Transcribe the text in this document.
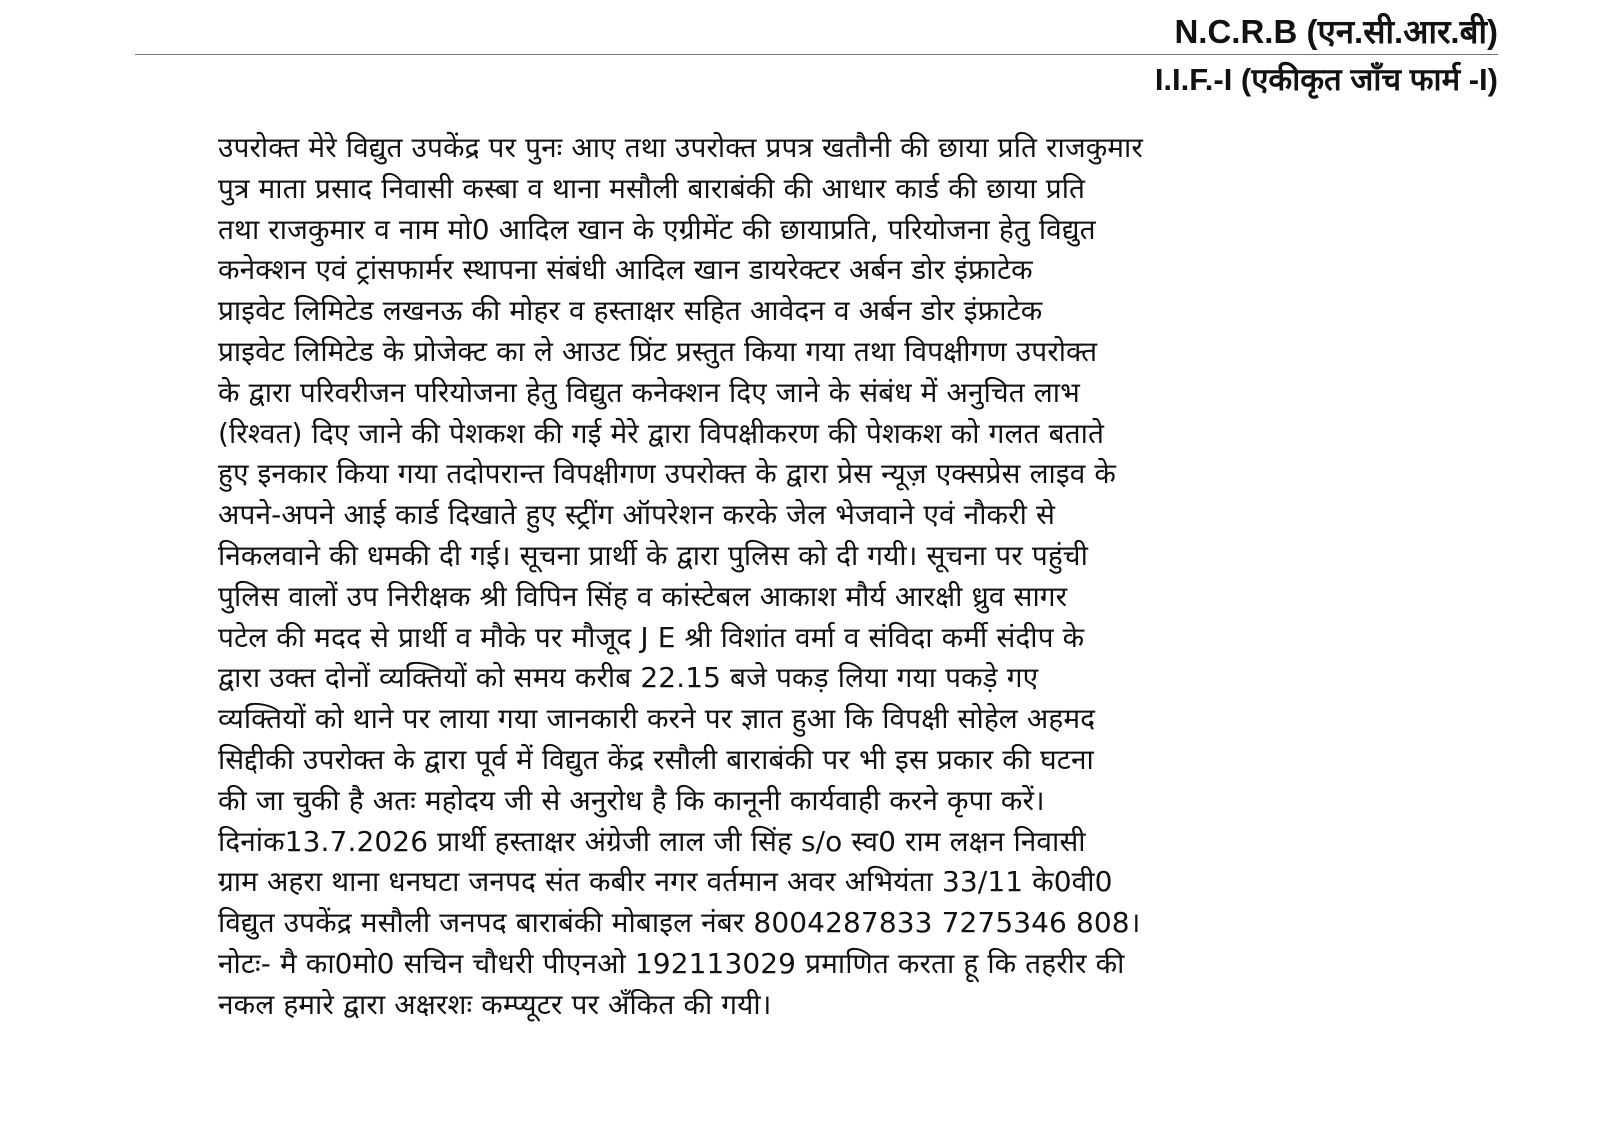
N.C.R.B (एन.सी.आर.बी)
I.I.F.-I (एकीकृत जाँच फार्म -I)
उपरोक्त मेरे विद्युत उपकेंद्र पर पुनः आए तथा उपरोक्त प्रपत्र खतौनी की छाया प्रति राजकुमार
पुत्र माता प्रसाद निवासी कस्बा व थाना मसौली बाराबंकी की आधार कार्ड की छाया प्रति
तथा राजकुमार व नाम मो0 आदिल खान के एग्रीमेंट की छायाप्रति, परियोजना हेतु विद्युत
कनेक्शन एवं ट्रांसफार्मर स्थापना संबंधी आदिल खान डायरेक्टर अर्बन डोर इंफ्राटेक
प्राइवेट लिमिटेड लखनऊ की मोहर व हस्ताक्षर सहित आवेदन व अर्बन डोर इंफ्राटेक
प्राइवेट लिमिटेड के प्रोजेक्ट का ले आउट प्रिंट प्रस्तुत किया गया तथा विपक्षीगण उपरोक्त
के द्वारा परिवरीजन परियोजना हेतु विद्युत कनेक्शन दिए जाने के संबंध में अनुचित लाभ
(रिश्वत) दिए जाने की पेशकश की गई मेरे द्वारा विपक्षीकरण की पेशकश को गलत बताते
हुए इनकार किया गया तदोपरान्त विपक्षीगण उपरोक्त के द्वारा प्रेस न्यूज़ एक्सप्रेस लाइव के
अपने-अपने आई कार्ड दिखाते हुए स्ट्रींग ऑपरेशन करके जेल भेजवाने एवं नौकरी से
निकलवाने की धमकी दी गई। सूचना प्रार्थी के द्वारा पुलिस को दी गयी। सूचना पर पहुंची
पुलिस वालों उप निरीक्षक श्री विपिन सिंह व कांस्टेबल आकाश मौर्य आरक्षी ध्रुव सागर
पटेल की मदद से प्रार्थी व मौके पर मौजूद J E श्री विशांत वर्मा व संविदा कर्मी संदीप के
द्वारा उक्त दोनों व्यक्तियों को समय करीब 22.15 बजे पकड़ लिया गया पकड़े गए
व्यक्तियों को थाने पर लाया गया जानकारी करने पर ज्ञात हुआ कि विपक्षी सोहेल अहमद
सिद्दीकी उपरोक्त के द्वारा पूर्व में विद्युत केंद्र रसौली बाराबंकी पर भी इस प्रकार की घटना
की जा चुकी है अतः महोदय जी से अनुरोध है कि कानूनी कार्यवाही करने कृपा करें।
दिनांक13.7.2026 प्रार्थी हस्ताक्षर अंग्रेजी लाल जी सिंह s/o स्व0 राम लक्षन निवासी
ग्राम अहरा थाना धनघटा जनपद संत कबीर नगर वर्तमान अवर अभियंता 33/11 के0वी0
विद्युत उपकेंद्र मसौली जनपद बाराबंकी मोबाइल नंबर 8004287833 7275346 808।
नोटः- मै का0मो0 सचिन चौधरी पीएनओ 192113029 प्रमाणित करता हू कि तहरीर की
नकल हमारे द्वारा अक्षरशः कम्प्यूटर पर अँकित की गयी।
